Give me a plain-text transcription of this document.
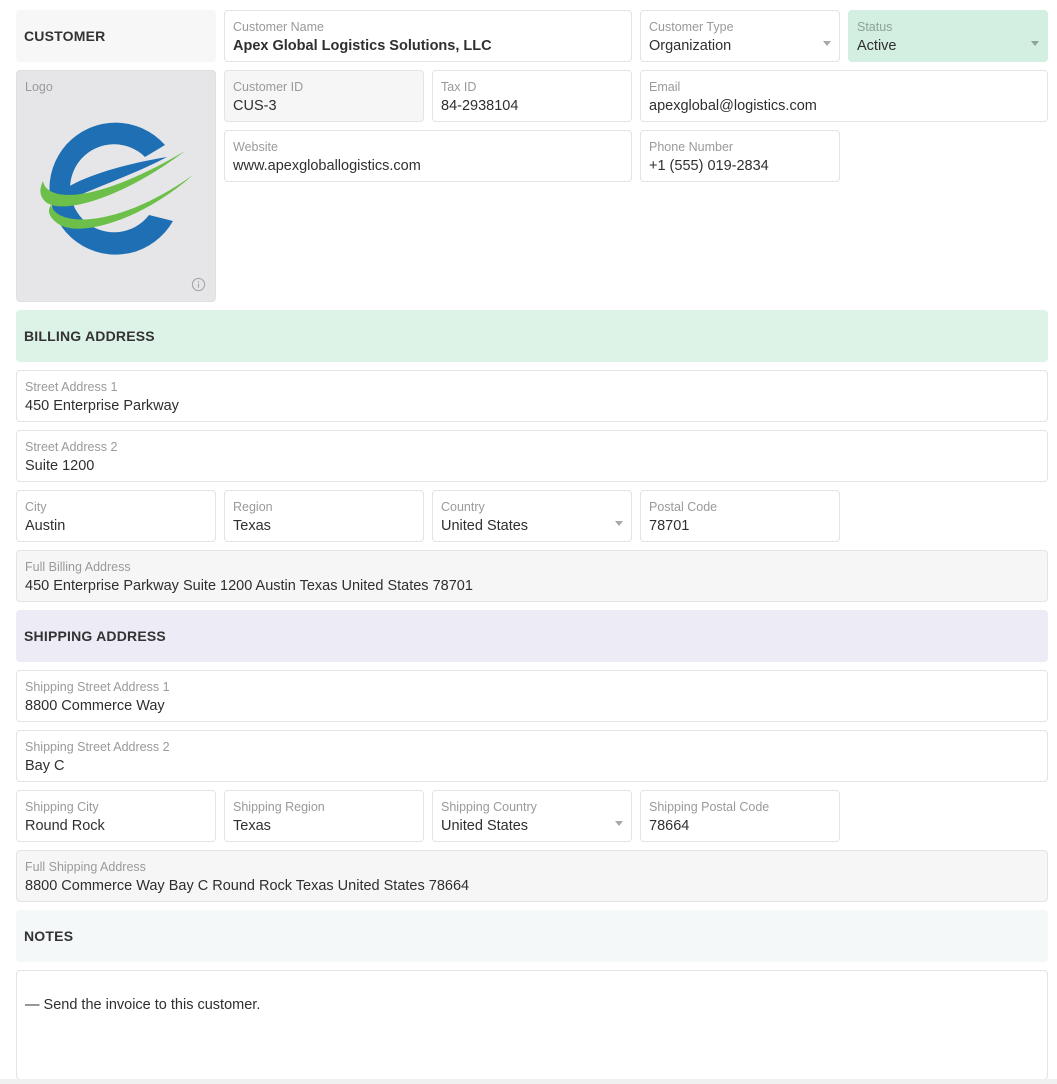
CUSTOMER
Customer Name
Apex Global Logistics Solutions, LLC
Customer Type
Organization
Status
Active
Logo	Customer ID
CUS-3
Tax ID
84-2938104
Email
apexglobal@logistics.com
Website
www.apexgloballogistics.com
Phone Number
+1 (555) 019-2834
BILLING ADDRESS
Street Address 1
450 Enterprise Parkway
Street Address 2
Suite 1200
City
Austin
Region
Texas
Country
United States
Postal Code
78701
Full Billing Address
450 Enterprise Parkway Suite 1200 Austin Texas United States 78701
SHIPPING ADDRESS
Shipping Street Address 1
8800 Commerce Way
Shipping Street Address 2
Bay C
Shipping City
Round Rock
Shipping Region
Texas
Shipping Country
United States
Shipping Postal Code
78664
Full Shipping Address
8800 Commerce Way Bay C Round Rock Texas United States 78664
NOTES
— Send the invoice to this customer.
